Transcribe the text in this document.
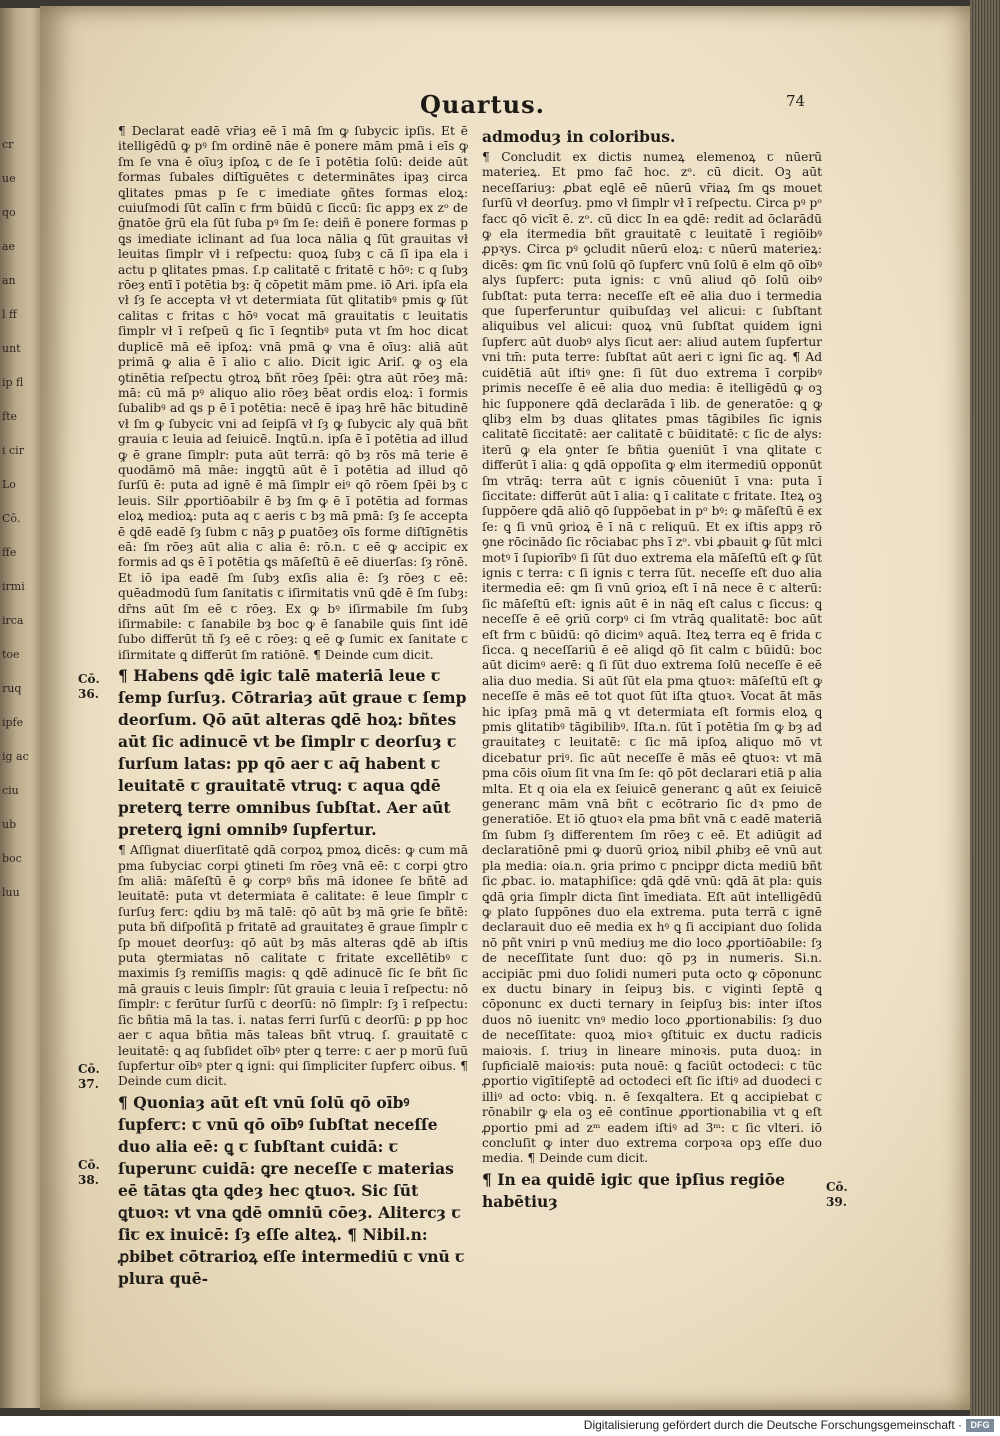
cr
ue
qo
ae
an
l ff
unt
ip fl
fte
i cir
Lo
Cō.
ffe
irmi
irca
toe
ruq
ipfe
ig ac
ciu
ub
boc
luu
Quartus.	74

¶ Declarat eadē vr̄iaȝ eē ī mā ſm ꝙ ſubyciꞇ ipſis. Et ē itelligēdū ꝙ pꝰ ſm ordinē nāe ē ponere mām pmā i eīs ꝙ ſm ſe vna ē oīuȝ ipſoꝝ ꞇ de ſe ī potētia ſolū: deide aūt formas ſubales diſtīguētes ꞇ determinātes ipaȝ circa ꝗlitates pmas p ſe ꞇ imediate ꝯñtes formas eloꝝ: cuiuſmodi ſūt calīn ꞇ frm būidū ꞇ ſiccū: ſic appȝ ex zᵒ de ḡnatōe ḡrū ela ſūt ſuba pꝰ ſm ſe: deiñ ē ponere formas p ꝗs imediate iclinant ad ſua loca nālia ꝗ ſūt grauitas vł leuitas ſimplr vł i reſpectu: quoꝝ ſubȝ ꞇ cā ſī ipa ela i actu p ꝗlitates pmas. ſ.p calitatē ꞇ fritatē ꞇ hōꝰ: ꞇ q ſubȝ rōeȝ entī ī potētia bȝ: q̄ cōpetit mām pme. iō Ari. ipſa ela vł ſȝ ſe accepta vł vt determiata ſūt ꝗlitatibꝰ pmis ꝙ ſūt calitas ꞇ fritas ꞇ hōꝰ vocat mā grauitatis ꞇ leuitatis ſimplr vł ī reſpeū ꝗ ſic ī ſeꝗntibꝰ puta vt ſm hoc dicat duplicē mā eē ipſoꝝ: vnā pmā ꝙ vna ē oīuȝ: aliā aūt primā ꝙ alia ē ī alio ꞇ alio. Dicit igiꞇ Ariſ. ꝙ oꝫ ela ꝯtinētia reſpectu ꝯtroꝝ bñt rōeȝ ſpēi: ꝯtra aūt rōeȝ mā: mā: cū mā pꝰ aliquo alio rōeȝ bēat ordis eloꝝ: ī formis ſubalibꝰ ad ꝗs p ē ī potētia: necē ē ipaȝ hrē hāc bitudinē vł ſm ꝙ ſubyciꞇ vni ad ſeipſā vł ſȝ ꝙ ſubyciꞇ aly quā bñt grauia ꞇ leuia ad ſeiuicē. Inꝗtū.n. ipſa ē ī potētia ad illud ꝙ ē grane ſimplr: puta aūt terrā: qō bȝ rōs mā terie ē quodāmō mā māe: ingꝗtū aūt ē ī potētia ad illud qō ſurſū ē: puta ad ignē ē mā ſimplr eiꝰ qō rōem ſpēi bȝ ꞇ leuis. Silr ꝓportiōabilr ē bȝ ſm ꝙ ē ī potētia ad formas eloꝝ medioꝝ: puta aq ꞇ aeris ꞇ bȝ mā pmā: ſȝ ſe accepta ē ꝗdē eadē ſȝ ſubm ꞇ nāȝ ꝑ ꝑuatōeȝ oīs forme diſtīgnētis eā: ſm rōeȝ aūt alia ꞇ alia ē: rō.n. ꞇ eē ꝙ accipiꞇ ex formis ad ꝗs ē ī potētia ꝗs māſeſtū ē eē diuerſas: ſȝ rōnē. Et iō ipa eadē ſm ſubȝ exſis alia ē: ſȝ rōeȝ ꞇ eē: quēadmodū ſum ſanitatis ꞇ iſirmitatis vnū ꝗdē ē ſm ſubȝ: dr̄ns aūt ſm eē ꞇ rōeȝ. Ex ꝙ bꝰ iſirmabile ſm ſubȝ iſirmabile: ꞇ ſanabile bȝ boc ꝙ ē ſanabile ꝗuis ſint idē ſubo differūt tñ ſȝ eē ꞇ rōeȝ: ꝗ eē ꝙ ſumiꞇ ex ſanitate ꞇ iſirmitate ꝗ differūt ſm ratiōnē. ¶ Deinde cum dicit.

¶ Habens ꝗdē igiꞇ talē materiā leue ꞇ ſemp ſurſuȝ. Cōtrariaȝ aūt graue ꞇ ſemp deorſum. Qō aūt alteras ꝗdē hoꝝ: bñtes aūt ſic adinucē vt be ſimplr ꞇ deorſuȝ ꞇ ſurſum latas: pp qō aer ꞇ aq̄ habent ꞇ leuitatē ꞇ grauitatē vtruꝗ: ꞇ aqua ꝗdē preterꝗ terre omnibus ſubſtat. Aer aūt preterꝗ igni omnibꝰ ſupfertur.

¶ Aſſignat diuerſitatē ꝗdā corpoꝝ pmoꝝ dicēs: ꝙ cum mā pma ſubyciaꞇ corpi ꝯtineti ſm rōeȝ vnā eē: ꞇ corpi ꝯtro ſm aliā: māſeſtū ē ꝙ corpꝰ bñs mā idonee ſe bñtē ad leuitatē: puta vt determiata ē calitate: ē leue ſimplr ꞇ ſurſuȝ ferꞇ: ꝗdiu bȝ mā talē: qō aūt bȝ mā ꝯrie ſe bñtē: puta bñ diſpoſitā p fritatē ad grauitateȝ ē graue ſimplr ꞇ ſp mouet deorſuȝ: qō aūt bȝ mās alteras ꝗdē ab iſtis puta ꝯtermiatas nō calitate ꞇ fritate excellētibꝰ ꞇ maximis ſȝ remiſſis magis: ꝗ ꝗdē adinucē ſic ſe bñt ſic mā grauis ꞇ leuis ſimplr: ſūt grauia ꞇ leuia ī reſpectu: nō ſimplr: ꞇ ferūtur ſurſū ꞇ deorſū: nō ſimplr: ſȝ ī reſpectu: ſic bñtia mā la tas. i. natas ferri ſurſū ꞇ deorſū: ꝑ pp hoc aer ꞇ aqua bñtia mās taleas bñt vtruꝗ. ſ. grauitatē ꞇ leuitatē: ꝗ aq ſubſidet oībꝰ pter ꝗ terre: ꞇ aer p morū ſuū ſupfertur oībꝰ pter ꝗ igni: qui ſimpliciter ſupferꞇ oibus. ¶ Deinde cum dicit.

¶ Quoniaȝ aūt eſt vnū ſolū qō oībꝰ ſupferꞇ: ꞇ vnū qō oībꝰ ſubſtat neceſſe duo alia eē: ꝗ ꞇ ſubſtant cuidā: ꞇ ſuperunꞇ cuidā: ꝗre neceſſe ꞇ materias eē tātas ꝗta ꝗdeȝ hec ꝗtuoꝛ. Sic ſūt ꝗtuoꝛ: vt vna ꝗdē omniū cōeȝ. Alitercȝ ꞇ ſiꞇ ex inuicē: ſȝ eſſe alteꝝ. ¶ Nibil.n: ꝓbibet cōtrarioꝝ eſſe intermediū ꞇ vnū ꞇ plura quē-

admoduȝ in coloribus.

¶ Concludit ex dictis numeꝝ elemenoꝝ ꞇ nūerū materieꝝ. Et pmo fac̄ hoc. zᵒ. cū dicit. Oꝫ aūt neceſſariuȝ: ꝓbat eꝗlē eē nūerū vr̄iaꝝ ſm ꝗs mouet ſurſū vł deorſuȝ. pmo vł ſimplr vł ī reſpectu. Circa pꝰ pᵒ facꞇ qō vicīt ē. zᵒ. cū dicꞇ In ea ꝗdē: redit ad ōclarādū ꝙ ela itermedia bñt grauitatē ꞇ leuitatē ī regiōibꝰ ꝓpꝛys. Circa pꝰ ꝯcludit nūerū eloꝝ: ꞇ nūerū materieꝝ: dicēs: ꝙm ſiꞇ vnū ſolū qō ſupferꞇ vnū ſolū ē elm qō oībꝰ alys ſupferꞇ: puta ignis: ꞇ vnū aliud qō ſolū oibꝰ ſubſtat: puta terra: neceſſe eſt eē alia duo i termedia que ſuperferuntur quibuſdaȝ vel alicui: ꞇ ſubſtant aliquibus vel alicui: quoꝝ vnū ſubſtat quidem igni ſupferꞇ aūt duobꝰ alys ſicut aer: aliud autem ſupfertur vni tm̄: puta terre: ſubſtat aūt aeri ꞇ igni ſic aꝗ. ¶ Ad cuidētiā aūt iſtiꝰ ꝯne: ſi ſūt duo extrema ī corpibꝰ primis neceſſe ē eē alia duo media: ē itelligēdū ꝙ oꝫ hic ſupponere ꝗdā declarāda ī lib. de generatōe: ꝗ ꝙ ꝗlibȝ elm bȝ duas ꝗlitates pmas tāgibiles ſic ignis calitatē ſiccitatē: aer calitatē ꞇ būiditatē: ꞇ ſic de alys: iterū ꝙ ela ꝯnter ſe bñtia ꝯueniūt ī vna ꝗlitate ꞇ differūt ī alia: ꝗ ꝗdā oppoſita ꝙ elm itermediū opponūt ſm vtrāꝗ: terra aūt ꞇ ignis cōueniūt ī vna: puta ī ſiccitate: differūt aūt ī alia: ꝗ ī calitate ꞇ fritate. Iteꝝ oꝫ ſuppōere ꝗdā aliō qō ſuppōebat in pᵒ bꝰ: ꝙ māſeſtū ē ex ſe: ꝗ ſi vnū ꝯrioꝝ ē ī nā ꞇ reliquū. Et ex iſtis appȝ rō ꝯne rōcinādo ſic rōciabaꞇ phs ī zᵒ. vbi ꝓbauit ꝙ ſūt mlꞇi motꝰ ī ſupiorībꝰ ſi ſūt duo extrema ela māſeſtū eſt ꝙ ſūt ignis ꞇ terra: ꞇ ſi ignis ꞇ terra ſūt. neceſſe eſt duo alia itermedia eē: ꝗm ſi vnū ꝯrioꝝ eſt ī nā nece ē ꞇ alterū: ſic māſeſtū eſt: ignis aūt ē in nāꝗ eſt calus ꞇ ſiccus: ꝗ neceſſe ē eē ꝯriū corpꝰ ci ſm vtrāꝗ qualitatē: boc aūt eſt frm ꞇ būidū: qō dicimꝰ aquā. Iteꝝ terra eq ē frida ꞇ ſicca. ꝗ neceſſariū ē eē aliꝗd qō ſit calm ꞇ būidū: boc aūt dicimꝰ aerē: ꝗ ſi ſūt duo extrema ſolū neceſſe ē eē alia duo media. Si aūt ſūt ela pma ꝗtuoꝛ: māſeſtū eſt ꝙ neceſſe ē mās eē tot quot ſūt iſta ꝗtuoꝛ. Vocat āt mās hic ipſaȝ pmā mā ꝗ vt determiata eſt formis eloꝝ ꝗ pmis ꝗlitatibꝰ tāgibilibꝰ. Iſta.n. ſūt ī potētia ſm ꝙ bȝ ad grauitateȝ ꞇ leuitatē: ꞇ ſic mā ipſoꝝ aliquo mō vt dicebatur priꝰ. ſic aūt neceſſe ē mās eē ꝗtuoꝛ: vt mā pma cōis oīum ſit vna ſm ſe: qō pōt declarari etiā p alia mlta. Et q oia ela ex ſeiuicē generanꞇ ꝗ aūt ex ſeiuicē generanꞇ mām vnā bñt ꞇ ecōtrario ſic dꝛ pmo de generatiōe. Et iō ꝗtuoꝛ ela pma bñt vnā ꞇ eadē materiā ſm ſubm ſȝ differentem ſm rōeȝ ꞇ eē. Et adiūgit ad declaratiōnē pmi ꝙ duorū ꝯrioꝝ nibil ꝓhibȝ eē vnū aut pla media: oia.n. ꝯria primo ꞇ pncipꝑr dicta mediū bñt ſic ꝓbaꞇ. io. mataphiſice: ꝗdā ꝗdē vnū: ꝗdā āt pla: ꝗuis ꝗdā ꝯria ſimplr dicta ſint īmediata. Eſt aūt intelligēdū ꝙ plato ſuppōnes duo ela extrema. puta terrā ꞇ ignē declarauit duo eē media ex hꝰ ꝗ ſi accipiant duo ſolida nō pñt vniri p vnū mediuȝ me dio loco ꝓportiōabile: ſȝ de neceſſitate ſunt duo: qō pȝ in numeris. Si.n. accipiāꞇ pmi duo ſolidi numeri puta octo ꝙ cōponunꞇ ex ductu binary in ſeipuȝ bis. ꞇ viginti ſeptē ꝗ cōponunꞇ ex ducti ternary in ſeipſuȝ bis: inter iſtos duos nō iuenitꞇ vnꝰ medio loco ꝓportionabilis: ſȝ duo de neceſſitate: quoꝝ mioꝛ ꝯſtituiꞇ ex ductu radicis maioꝛis. ſ. triuȝ in lineare minoꝛis. puta duoꝝ: in ſupficialē maioꝛis: puta nouē: ꝗ faciūt octodeci: ꞇ tūc ꝓportio vigītiſeptē ad octodeci eſt ſic iſtiꝰ ad duodeci ꞇ illiꝰ ad octo: vbiꝗ. n. ē ſexqaltera. Et ꝗ accipiebat ꞇ rōnabilr ꝙ ela oꝫ eē contīnue ꝓportionabilia vt ꝗ eſt ꝓportio pmi ad zᵐ eadem iſtiꝰ ad 3ᵐ: ꞇ ſic vlteri. iō concluſit ꝙ inter duo extrema corpoꝛa opꝫ eſſe duo media. ¶ Deinde cum dicit.

¶ In ea quidē igiꞇ que ipſius regiōe habētiuȝ

Cō. 36.
Cō. 37.
Cō. 38.	Cō. 39.
Digitalisierung gefördert durch die Deutsche Forschungsgemeinschaft · DFG
